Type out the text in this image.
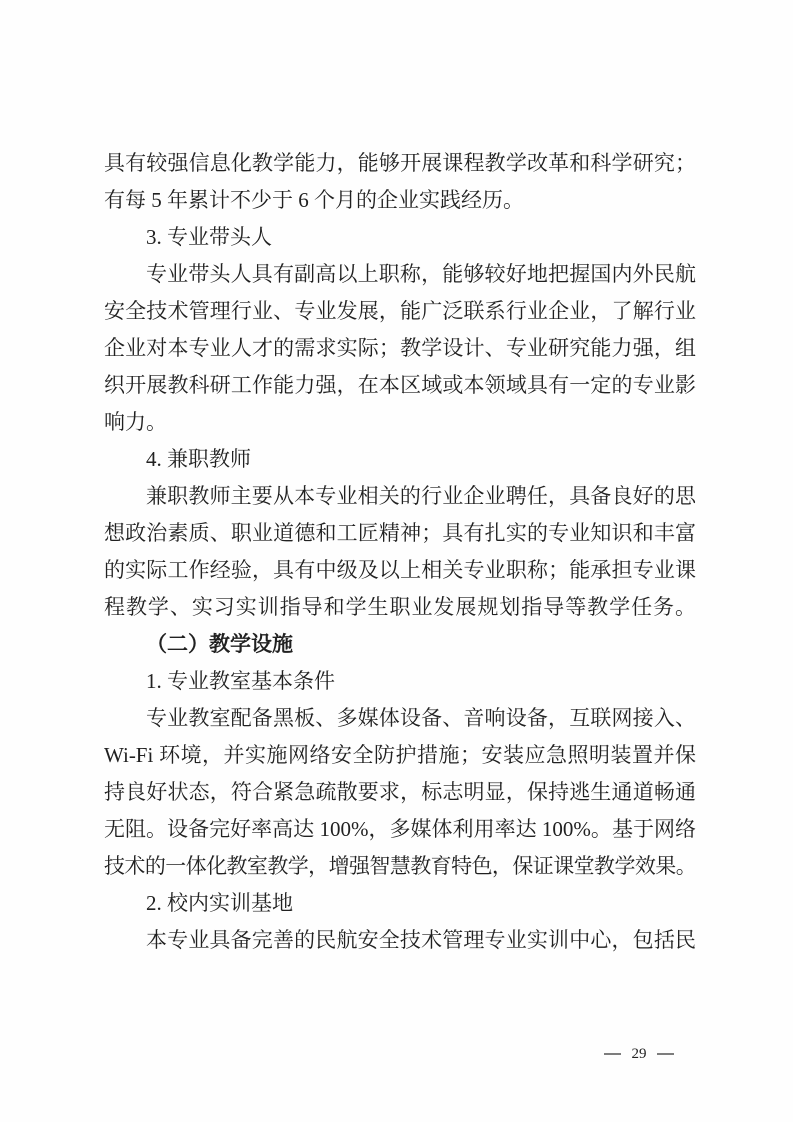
具有较强信息化教学能力，能够开展课程教学改革和科学研究；
有每 5 年累计不少于 6 个月的企业实践经历。
3. 专业带头人
专业带头人具有副高以上职称，能够较好地把握国内外民航
安全技术管理行业、专业发展，能广泛联系行业企业，了解行业
企业对本专业人才的需求实际；教学设计、专业研究能力强，组
织开展教科研工作能力强，在本区域或本领域具有一定的专业影
响力。
4. 兼职教师
兼职教师主要从本专业相关的行业企业聘任，具备良好的思
想政治素质、职业道德和工匠精神；具有扎实的专业知识和丰富
的实际工作经验，具有中级及以上相关专业职称；能承担专业课
程教学、实习实训指导和学生职业发展规划指导等教学任务。
（二）教学设施
1. 专业教室基本条件
专业教室配备黑板、多媒体设备、音响设备，互联网接入、
Wi-Fi 环境，并实施网络安全防护措施；安装应急照明装置并保
持良好状态，符合紧急疏散要求，标志明显，保持逃生通道畅通
无阻。设备完好率高达 100%，多媒体利用率达 100%。基于网络
技术的一体化教室教学，增强智慧教育特色，保证课堂教学效果。
2. 校内实训基地
本专业具备完善的民航安全技术管理专业实训中心，包括民
29
